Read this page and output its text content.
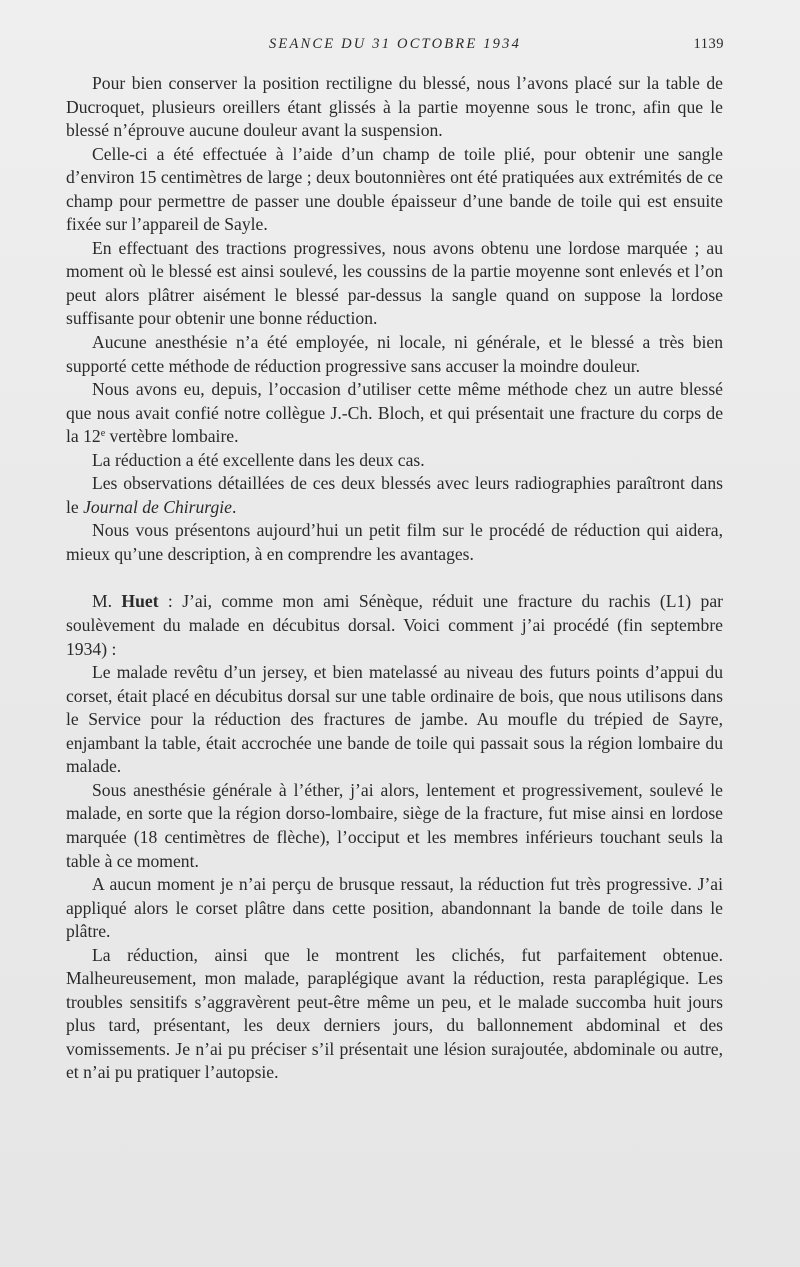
SEANCE DU 31 OCTOBRE 1934	1139

Pour bien conserver la position rectiligne du blessé, nous l’avons placé sur la table de Ducroquet, plusieurs oreillers étant glissés à la partie moyenne sous le tronc, afin que le blessé n’éprouve aucune douleur avant la suspension.

Celle-ci a été effectuée à l’aide d’un champ de toile plié, pour obtenir une sangle d’environ 15 centimètres de large ; deux boutonnières ont été pratiquées aux extrémités de ce champ pour permettre de passer une double épaisseur d’une bande de toile qui est ensuite fixée sur l’appareil de Sayle.

En effectuant des tractions progressives, nous avons obtenu une lordose marquée ; au moment où le blessé est ainsi soulevé, les coussins de la partie moyenne sont enlevés et l’on peut alors plâtrer aisément le blessé par-dessus la sangle quand on suppose la lordose suffisante pour obtenir une bonne réduction.

Aucune anesthésie n’a été employée, ni locale, ni générale, et le blessé a très bien supporté cette méthode de réduction progressive sans accuser la moindre douleur.

Nous avons eu, depuis, l’occasion d’utiliser cette même méthode chez un autre blessé que nous avait confié notre collègue J.-Ch. Bloch, et qui présentait une fracture du corps de la 12e vertèbre lombaire.

La réduction a été excellente dans les deux cas.

Les observations détaillées de ces deux blessés avec leurs radiographies paraîtront dans le Journal de Chirurgie.

Nous vous présentons aujourd’hui un petit film sur le procédé de réduction qui aidera, mieux qu’une description, à en comprendre les avantages.

M. Huet : J’ai, comme mon ami Sénèque, réduit une fracture du rachis (L1) par soulèvement du malade en décubitus dorsal. Voici comment j’ai procédé (fin septembre 1934) :

Le malade revêtu d’un jersey, et bien matelassé au niveau des futurs points d’appui du corset, était placé en décubitus dorsal sur une table ordinaire de bois, que nous utilisons dans le Service pour la réduction des fractures de jambe. Au moufle du trépied de Sayre, enjambant la table, était accrochée une bande de toile qui passait sous la région lombaire du malade.

Sous anesthésie générale à l’éther, j’ai alors, lentement et progressivement, soulevé le malade, en sorte que la région dorso-lombaire, siège de la fracture, fut mise ainsi en lordose marquée (18 centimètres de flèche), l’occiput et les membres inférieurs touchant seuls la table à ce moment.

A aucun moment je n’ai perçu de brusque ressaut, la réduction fut très progressive. J’ai appliqué alors le corset plâtre dans cette position, abandonnant la bande de toile dans le plâtre.

La réduction, ainsi que le montrent les clichés, fut parfaitement obtenue. Malheureusement, mon malade, paraplégique avant la réduction, resta paraplégique. Les troubles sensitifs s’aggravèrent peut-être même un peu, et le malade succomba huit jours plus tard, présentant, les deux derniers jours, du ballonnement abdominal et des vomissements. Je n’ai pu préciser s’il présentait une lésion surajoutée, abdominale ou autre, et n’ai pu pratiquer l’autopsie.
